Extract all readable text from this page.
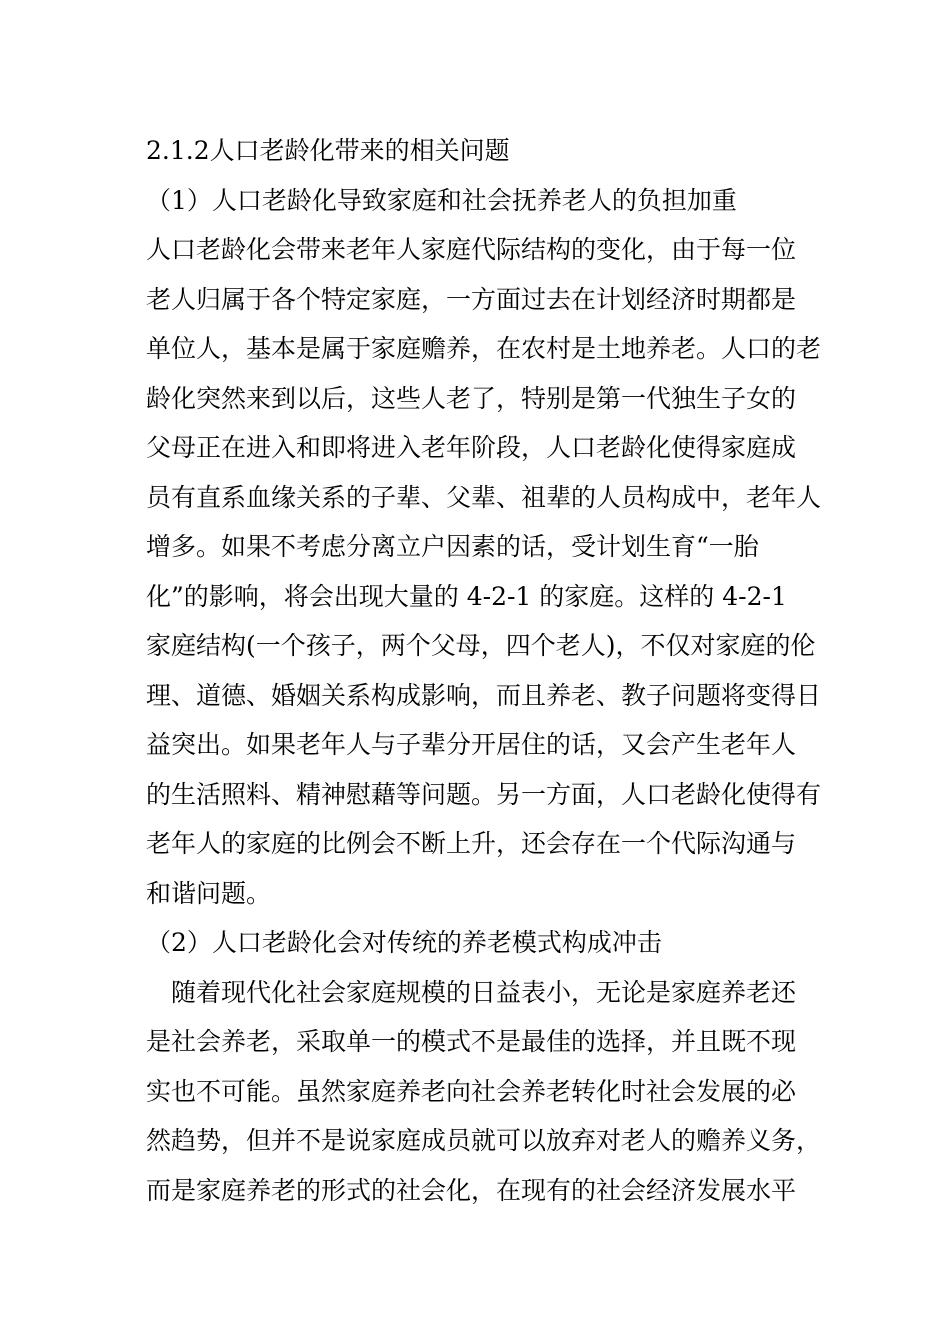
2.1.2人口老龄化带来的相关问题
（1）人口老龄化导致家庭和社会抚养老人的负担加重
人口老龄化会带来老年人家庭代际结构的变化，由于每一位
老人归属于各个特定家庭，一方面过去在计划经济时期都是
单位人，基本是属于家庭赡养，在农村是土地养老。人口的老
龄化突然来到以后，这些人老了，特别是第一代独生子女的
父母正在进入和即将进入老年阶段，人口老龄化使得家庭成
员有直系血缘关系的子辈、父辈、祖辈的人员构成中，老年人
增多。如果不考虑分离立户因素的话，受计划生育“一胎
化”的影响，将会出现大量的 4-2-1 的家庭。这样的 4-2-1
家庭结构(一个孩子，两个父母，四个老人)，不仅对家庭的伦
理、道德、婚姻关系构成影响，而且养老、教子问题将变得日
益突出。如果老年人与子辈分开居住的话，又会产生老年人
的生活照料、精神慰藉等问题。另一方面，人口老龄化使得有
老年人的家庭的比例会不断上升，还会存在一个代际沟通与
和谐问题。
（2）人口老龄化会对传统的养老模式构成冲击
　随着现代化社会家庭规模的日益表小，无论是家庭养老还
是社会养老，采取单一的模式不是最佳的选择，并且既不现
实也不可能。虽然家庭养老向社会养老转化时社会发展的必
然趋势，但并不是说家庭成员就可以放弃对老人的赡养义务，
而是家庭养老的形式的社会化，在现有的社会经济发展水平
